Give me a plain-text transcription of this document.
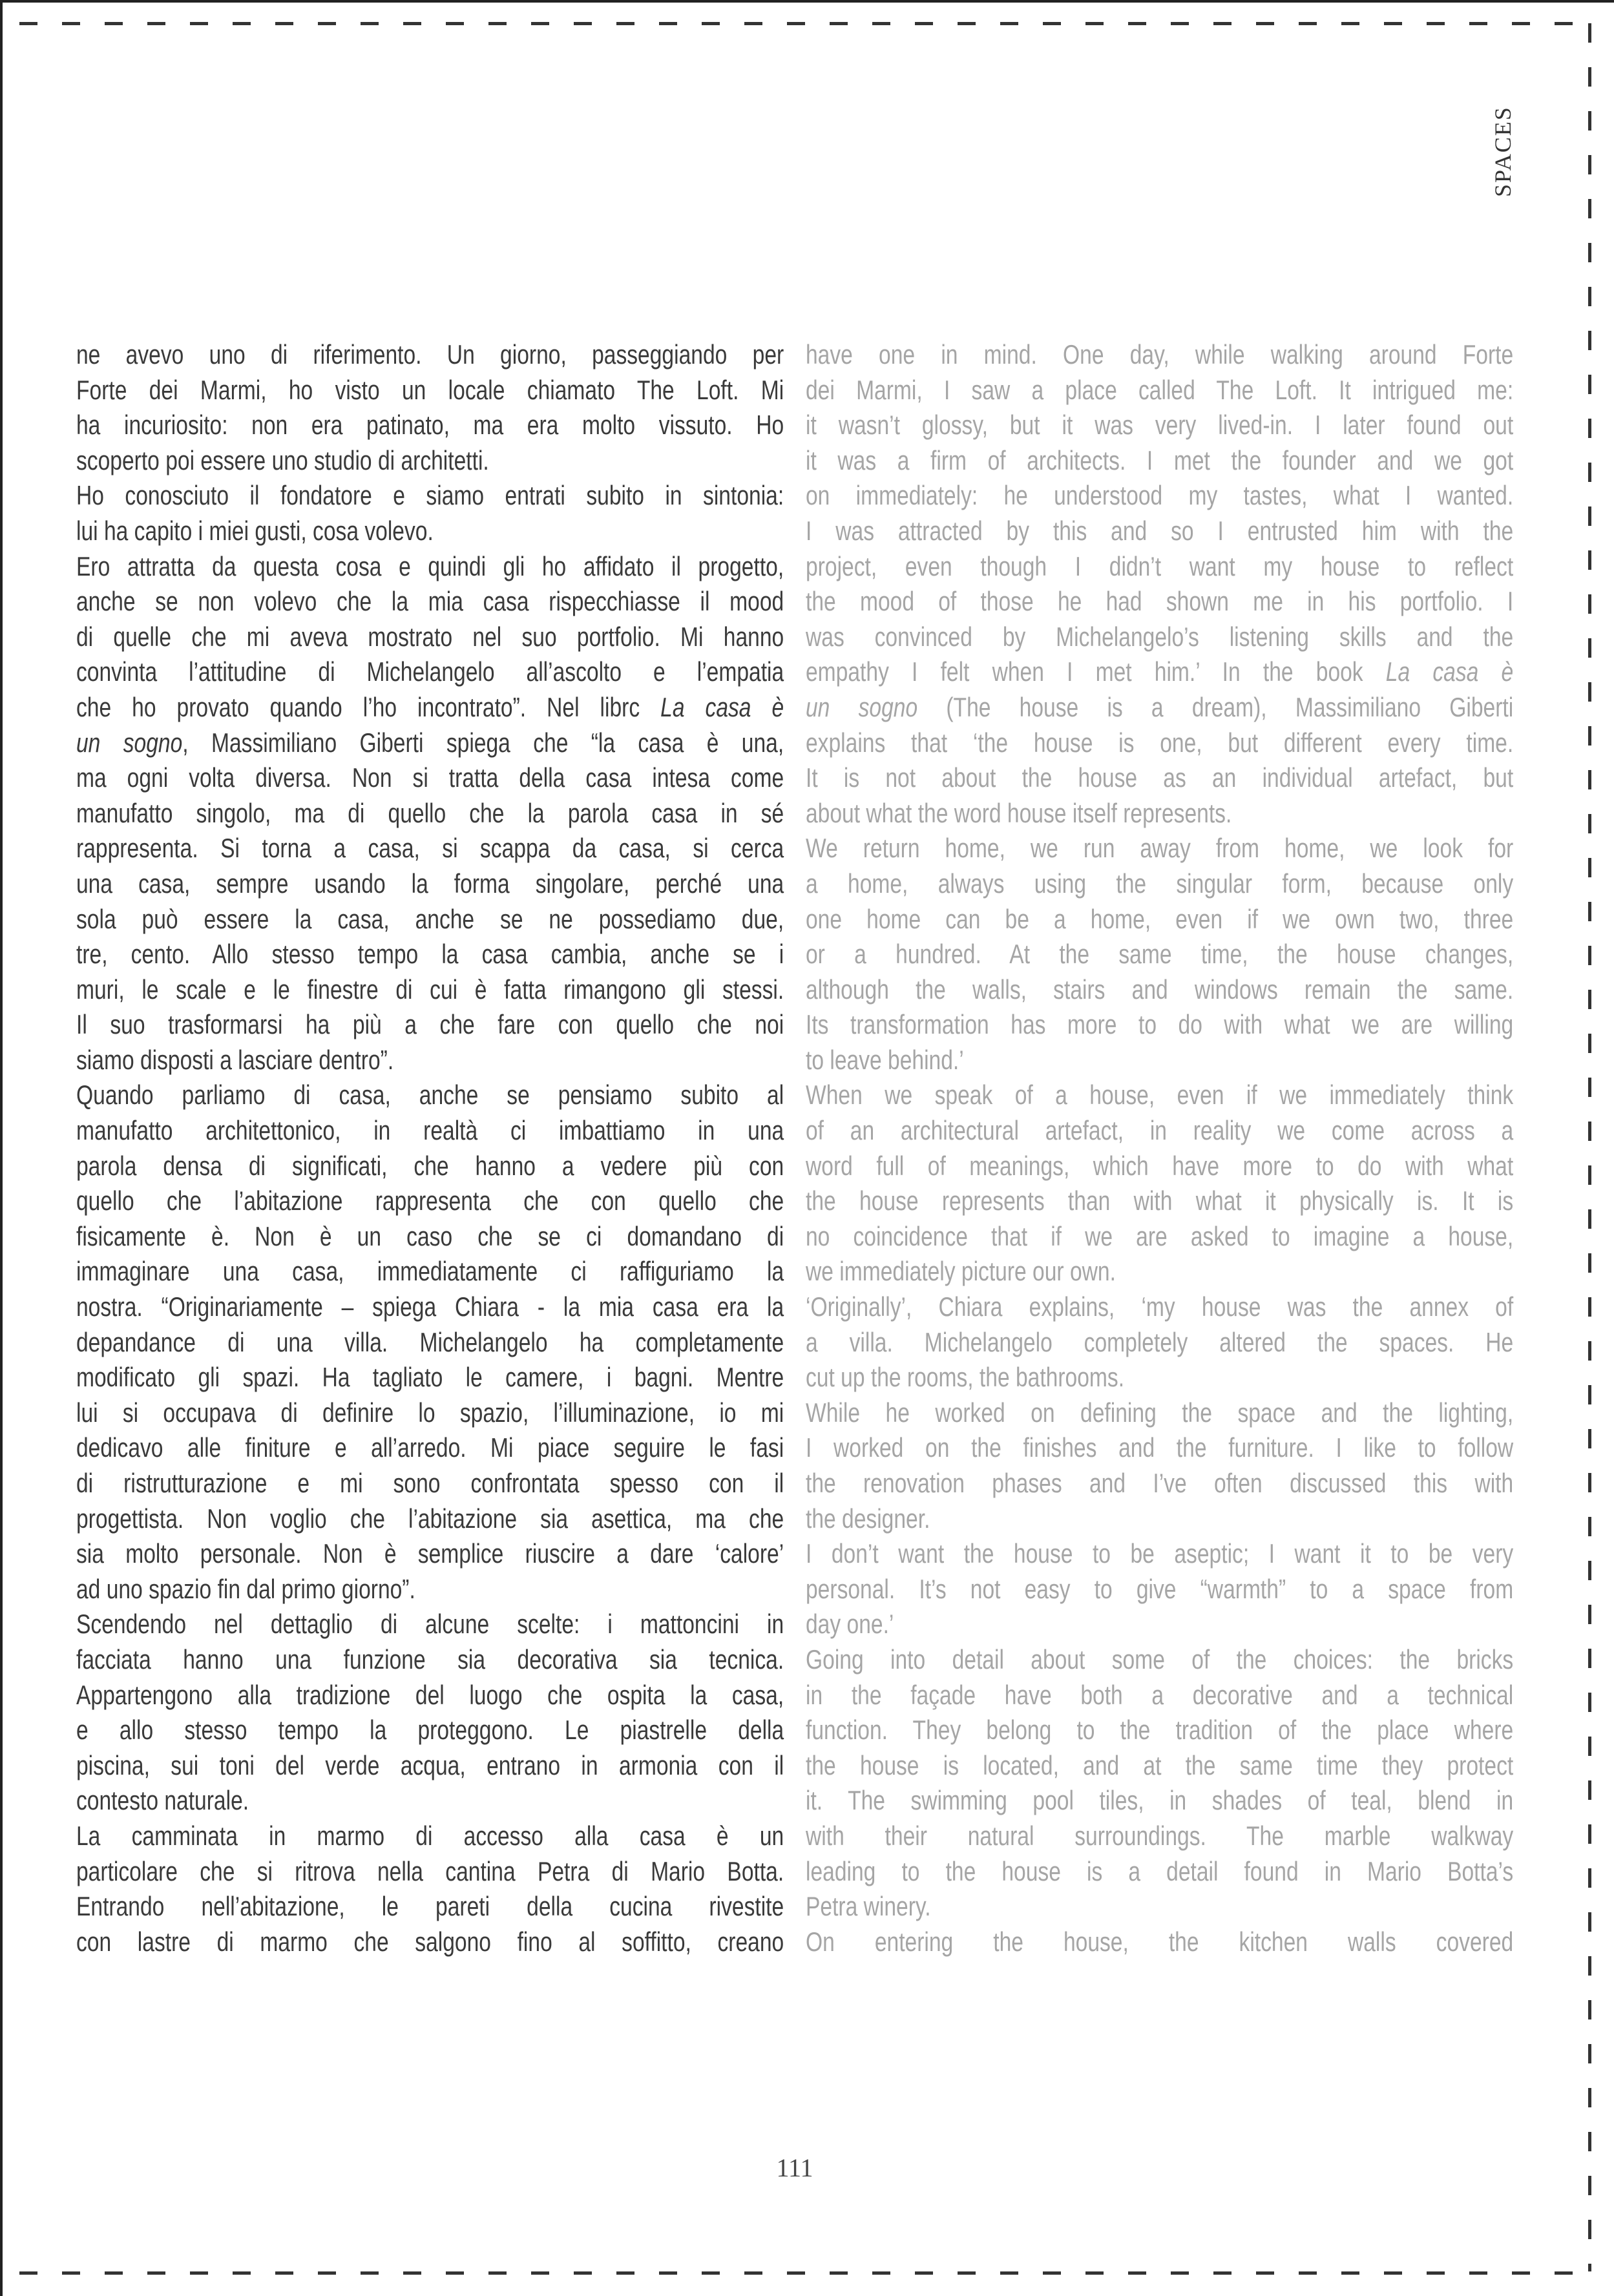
SPACES
ne avevo uno di riferimento. Un giorno, passeggiando per
Forte dei Marmi, ho visto un locale chiamato The Loft. Mi
ha incuriosito: non era patinato, ma era molto vissuto. Ho
scoperto poi essere uno studio di architetti.
Ho conosciuto il fondatore e siamo entrati subito in sintonia:
lui ha capito i miei gusti, cosa volevo.
Ero attratta da questa cosa e quindi gli ho affidato il progetto,
anche se non volevo che la mia casa rispecchiasse il mood
di quelle che mi aveva mostrato nel suo portfolio. Mi hanno
convinta l’attitudine di Michelangelo all’ascolto e l’empatia
che ho provato quando l’ho incontrato”. Nel librc La casa è
un sogno, Massimiliano Giberti spiega che “la casa è una,
ma ogni volta diversa. Non si tratta della casa intesa come
manufatto singolo, ma di quello che la parola casa in sé
rappresenta. Si torna a casa, si scappa da casa, si cerca
una casa, sempre usando la forma singolare, perché una
sola può essere la casa, anche se ne possediamo due,
tre, cento. Allo stesso tempo la casa cambia, anche se i
muri, le scale e le finestre di cui è fatta rimangono gli stessi.
Il suo trasformarsi ha più a che fare con quello che noi
siamo disposti a lasciare dentro”.
Quando parliamo di casa, anche se pensiamo subito al
manufatto architettonico, in realtà ci imbattiamo in una
parola densa di significati, che hanno a vedere più con
quello che l’abitazione rappresenta che con quello che
fisicamente è. Non è un caso che se ci domandano di
immaginare una casa, immediatamente ci raffiguriamo la
nostra. “Originariamente – spiega Chiara - la mia casa era la
depandance di una villa. Michelangelo ha completamente
modificato gli spazi. Ha tagliato le camere, i bagni. Mentre
lui si occupava di definire lo spazio, l’illuminazione, io mi
dedicavo alle finiture e all’arredo. Mi piace seguire le fasi
di ristrutturazione e mi sono confrontata spesso con il
progettista. Non voglio che l’abitazione sia asettica, ma che
sia molto personale. Non è semplice riuscire a dare ‘calore’
ad uno spazio fin dal primo giorno”.
Scendendo nel dettaglio di alcune scelte: i mattoncini in
facciata hanno una funzione sia decorativa sia tecnica.
Appartengono alla tradizione del luogo che ospita la casa,
e allo stesso tempo la proteggono. Le piastrelle della
piscina, sui toni del verde acqua, entrano in armonia con il
contesto naturale.
La camminata in marmo di accesso alla casa è un
particolare che si ritrova nella cantina Petra di Mario Botta.
Entrando nell’abitazione, le pareti della cucina rivestite
con lastre di marmo che salgono fino al soffitto, creano
have one in mind. One day, while walking around Forte
dei Marmi, I saw a place called The Loft. It intrigued me:
it wasn’t glossy, but it was very lived-in. I later found out
it was a firm of architects. I met the founder and we got
on immediately: he understood my tastes, what I wanted.
I was attracted by this and so I entrusted him with the
project, even though I didn’t want my house to reflect
the mood of those he had shown me in his portfolio. I
was convinced by Michelangelo’s listening skills and the
empathy I felt when I met him.’ In the book La casa è
un sogno (The house is a dream), Massimiliano Giberti
explains that ‘the house is one, but different every time.
It is not about the house as an individual artefact, but
about what the word house itself represents.
We return home, we run away from home, we look for
a home, always using the singular form, because only
one home can be a home, even if we own two, three
or a hundred. At the same time, the house changes,
although the walls, stairs and windows remain the same.
Its transformation has more to do with what we are willing
to leave behind.’
When we speak of a house, even if we immediately think
of an architectural artefact, in reality we come across a
word full of meanings, which have more to do with what
the house represents than with what it physically is. It is
no coincidence that if we are asked to imagine a house,
we immediately picture our own.
‘Originally’, Chiara explains, ‘my house was the annex of
a villa. Michelangelo completely altered the spaces. He
cut up the rooms, the bathrooms.
While he worked on defining the space and the lighting,
I worked on the finishes and the furniture. I like to follow
the renovation phases and I’ve often discussed this with
the designer.
I don’t want the house to be aseptic; I want it to be very
personal. It’s not easy to give “warmth” to a space from
day one.’
Going into detail about some of the choices: the bricks
in the façade have both a decorative and a technical
function. They belong to the tradition of the place where
the house is located, and at the same time they protect
it. The swimming pool tiles, in shades of teal, blend in
with their natural surroundings. The marble walkway
leading to the house is a detail found in Mario Botta’s
Petra winery.
On entering the house, the kitchen walls covered
111
